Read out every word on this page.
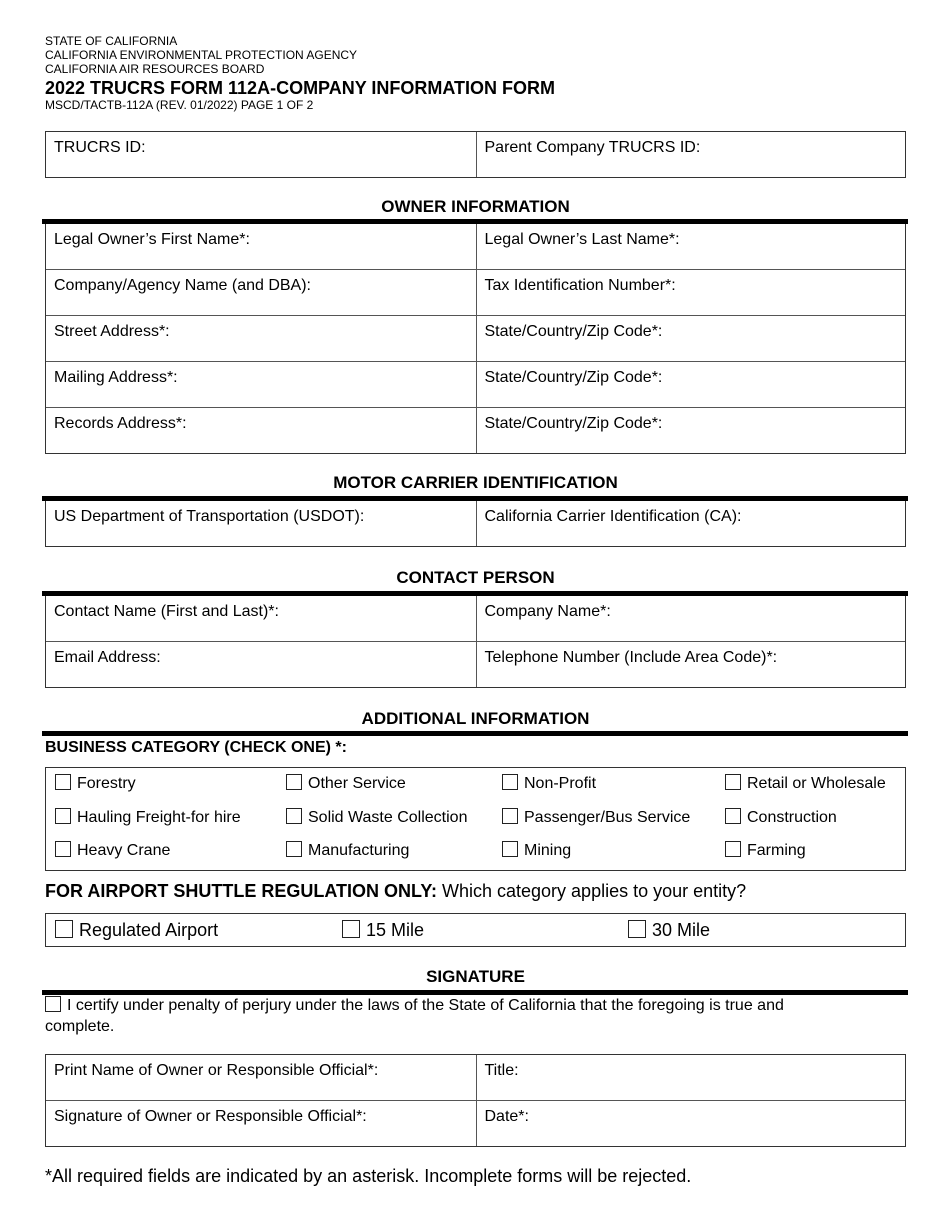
STATE OF CALIFORNIA
CALIFORNIA ENVIRONMENTAL PROTECTION AGENCY
CALIFORNIA AIR RESOURCES BOARD
2022 TRUCRS FORM 112A-COMPANY INFORMATION FORM
MSCD/TACTB-112A (REV. 01/2022) PAGE 1 OF 2
TRUCRS ID:	Parent Company TRUCRS ID:
OWNER INFORMATION
Legal Owner’s First Name*:	Legal Owner’s Last Name*:
Company/Agency Name (and DBA):	Tax Identification Number*:
Street Address*:	State/Country/Zip Code*:
Mailing Address*:	State/Country/Zip Code*:
Records Address*:	State/Country/Zip Code*:
MOTOR CARRIER IDENTIFICATION
US Department of Transportation (USDOT):	California Carrier Identification (CA):
CONTACT PERSON
Contact Name (First and Last)*:	Company Name*:
Email Address:	Telephone Number (Include Area Code)*:
ADDITIONAL INFORMATION
BUSINESS CATEGORY (CHECK ONE) *:
Forestry	Other Service	Non-Profit	Retail or Wholesale
Hauling Freight-for hire	Solid Waste Collection	Passenger/Bus Service	Construction
Heavy Crane	Manufacturing	Mining	Farming
FOR AIRPORT SHUTTLE REGULATION ONLY: Which category applies to your entity?
Regulated Airport	15 Mile	30 Mile
SIGNATURE
I certify under penalty of perjury under the laws of the State of California that the foregoing is true and
complete.
Print Name of Owner or Responsible Official*:	Title:
Signature of Owner or Responsible Official*:	Date*:
*All required fields are indicated by an asterisk. Incomplete forms will be rejected.
